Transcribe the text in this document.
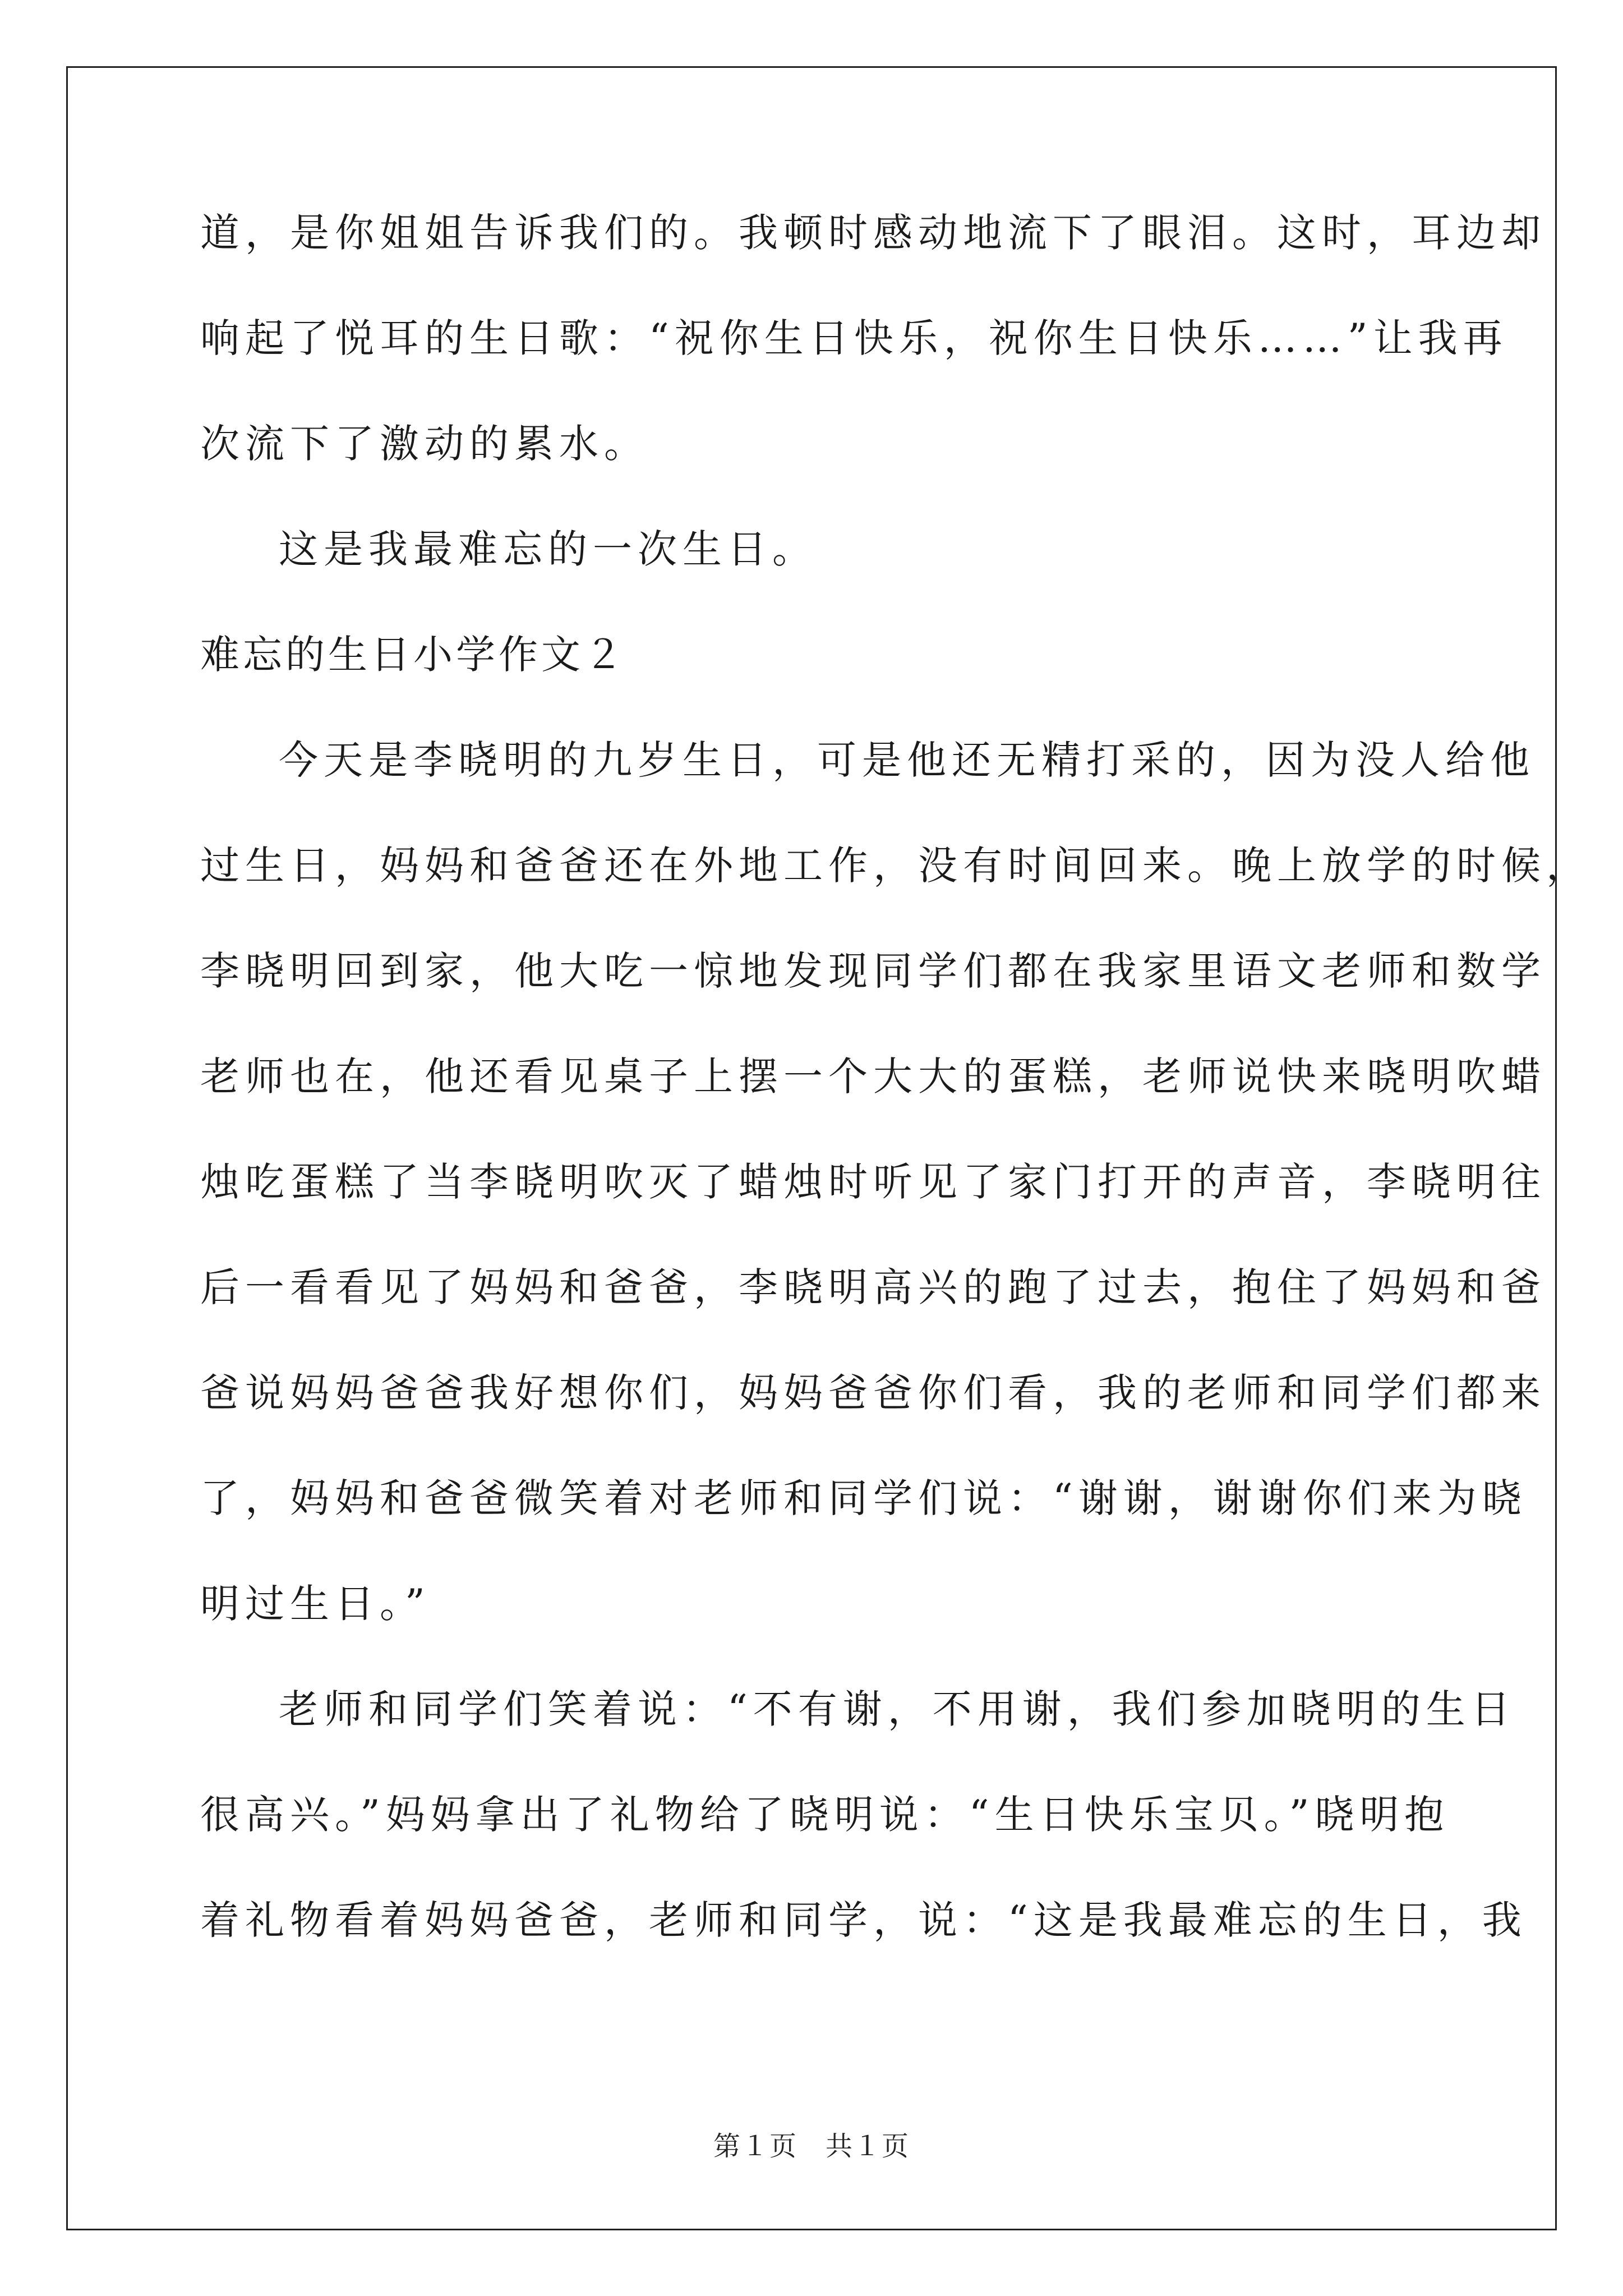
道，是你姐姐告诉我们的。我顿时感动地流下了眼泪。这时，耳边却
响起了悦耳的生日歌：“祝你生日快乐，祝你生日快乐……”让我再
次流下了激动的累水。
这是我最难忘的一次生日。
难忘的生日小学作文２
今天是李晓明的九岁生日，可是他还无精打采的，因为没人给他
过生日，妈妈和爸爸还在外地工作，没有时间回来。晚上放学的时候，
李晓明回到家，他大吃一惊地发现同学们都在我家里语文老师和数学
老师也在，他还看见桌子上摆一个大大的蛋糕，老师说快来晓明吹蜡
烛吃蛋糕了当李晓明吹灭了蜡烛时听见了家门打开的声音，李晓明往
后一看看见了妈妈和爸爸，李晓明高兴的跑了过去，抱住了妈妈和爸
爸说妈妈爸爸我好想你们，妈妈爸爸你们看，我的老师和同学们都来
了，妈妈和爸爸微笑着对老师和同学们说：“谢谢，谢谢你们来为晓
明过生日。”
老师和同学们笑着说：“不有谢，不用谢，我们参加晓明的生日
很高兴。”妈妈拿出了礼物给了晓明说：“生日快乐宝贝。”晓明抱
着礼物看着妈妈爸爸，老师和同学，说：“这是我最难忘的生日，我
第１页　共１页
